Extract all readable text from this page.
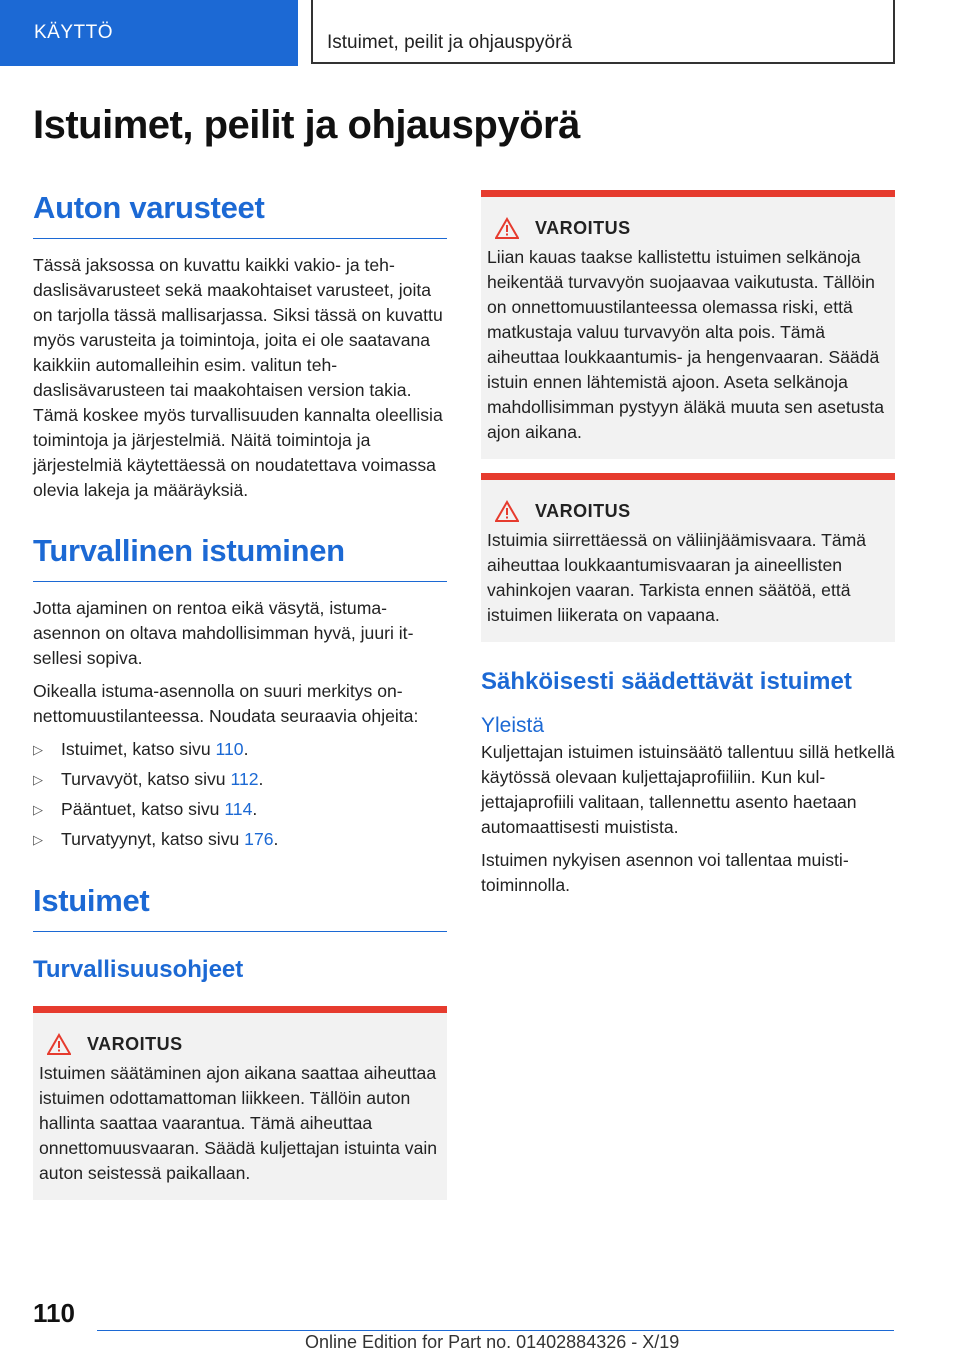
KÄYTTÖ	Istuimet, peilit ja ohjauspyörä
Istuimet, peilit ja ohjauspyörä
Auton varusteet

Tässä jaksossa on kuvattu kaikki vakio- ja tehdaslisävarusteet sekä maakohtaiset varusteet, joita on tarjolla tässä mallisarjassa. Siksi tässä on kuvattu myös varusteita ja toimintoja, joita ei ole saatavana kaikkiin automalleihin esim. valitun tehdaslisävarusteen tai maakohtaisen version takia. Tämä koskee myös turvallisuuden kannalta oleellisia toimintoja ja järjestelmiä. Näitä toimintoja ja järjestelmiä käytettäessä on noudatettava voimassa olevia lakeja ja määräyksiä.

Turvallinen istuminen

Jotta ajaminen on rentoa eikä väsytä, istuma-asennon on oltava mahdollisimman hyvä, juuri itsellesi sopiva.

Oikealla istuma-asennolla on suuri merkitys onnettomuustilanteessa. Noudata seuraavia ohjeita:

▷ Istuimet, katso sivu 110.
▷ Turvavyöt, katso sivu 112.
▷ Pääntuet, katso sivu 114.
▷ Turvatyynyt, katso sivu 176.
Istuimet
Turvallisuusohjeet
VAROITUS

Istuimen säätäminen ajon aikana saattaa aiheuttaa istuimen odottamattoman liikkeen. Tällöin auton hallinta saattaa vaarantua. Tämä aiheuttaa onnettomuusvaaran. Säädä kuljettajan istuinta vain auton seistessä paikallaan.

VAROITUS

Liian kauas taakse kallistettu istuimen selkänoja heikentää turvavyön suojaavaa vaikutusta. Tällöin on onnettomuustilanteessa olemassa riski, että matkustaja valuu turvavyön alta pois. Tämä aiheuttaa loukkaantumis- ja hengenvaaran. Säädä istuin ennen lähtemistä ajoon. Aseta selkänoja mahdollisimman pystyyn äläkä muuta sen asetusta ajon aikana.

VAROITUS

Istuimia siirrettäessä on väliinjäämisvaara. Tämä aiheuttaa loukkaantumisvaaran ja aineellisten vahinkojen vaaran. Tarkista ennen säätöä, että istuimen liikerata on vapaana.

Sähköisesti säädettävät istuimet
Yleistä

Kuljettajan istuimen istuinsäätö tallentuu sillä hetkellä käytössä olevaan kuljettajaprofiiliin. Kun kuljettajaprofiili valitaan, tallennettu asento haetaan automaattisesti muistista.

Istuimen nykyisen asennon voi tallentaa muistitoiminnolla.

110
Online Edition for Part no. 01402884326 - X/19
